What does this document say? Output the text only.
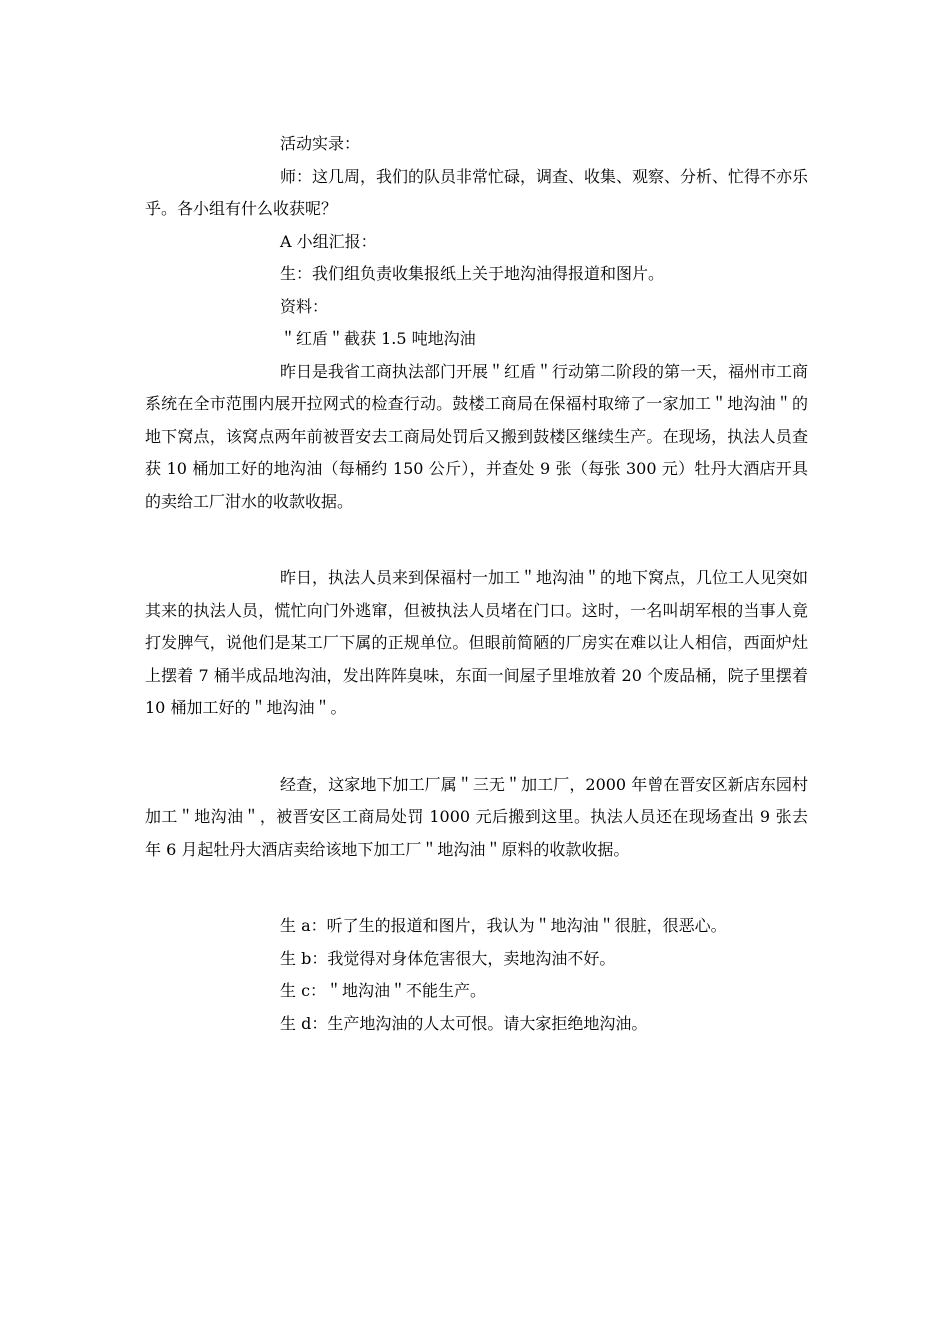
活动实录：

师：这几周，我们的队员非常忙碌，调查、收集、观察、分析、忙得不亦乐乎。各小组有什么收获呢？

A 小组汇报：

生：我们组负责收集报纸上关于地沟油得报道和图片。

资料：

＂红盾＂截获 1.5 吨地沟油

昨日是我省工商执法部门开展＂红盾＂行动第二阶段的第一天，福州市工商系统在全市范围内展开拉网式的检查行动。鼓楼工商局在保福村取缔了一家加工＂地沟油＂的地下窝点，该窝点两年前被晋安去工商局处罚后又搬到鼓楼区继续生产。在现场，执法人员查获 10 桶加工好的地沟油（每桶约 150 公斤），并查处 9 张（每张 300 元）牡丹大酒店开具的卖给工厂泔水的收款收据。

昨日，执法人员来到保福村一加工＂地沟油＂的地下窝点，几位工人见突如其来的执法人员，慌忙向门外逃窜，但被执法人员堵在门口。这时，一名叫胡军根的当事人竟打发脾气，说他们是某工厂下属的正规单位。但眼前简陋的厂房实在难以让人相信，西面炉灶上摆着 7 桶半成品地沟油，发出阵阵臭味，东面一间屋子里堆放着 20 个废品桶，院子里摆着 10 桶加工好的＂地沟油＂。

经查，这家地下加工厂属＂三无＂加工厂，2000 年曾在晋安区新店东园村加工＂地沟油＂，被晋安区工商局处罚 1000 元后搬到这里。执法人员还在现场查出 9 张去年 6 月起牡丹大酒店卖给该地下加工厂＂地沟油＂原料的收款收据。

生 a：听了生的报道和图片，我认为＂地沟油＂很脏，很恶心。

生 b：我觉得对身体危害很大，卖地沟油不好。

生 c：＂地沟油＂不能生产。

生 d：生产地沟油的人太可恨。请大家拒绝地沟油。
